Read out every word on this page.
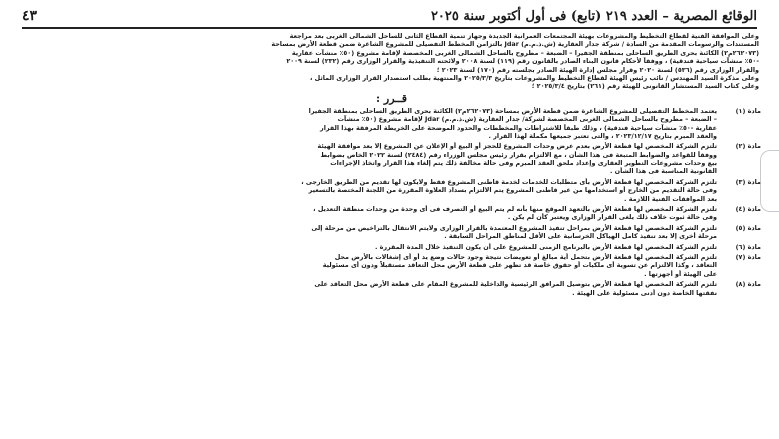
الوقائع المصرية – العدد ٢١٩ (تابع) فى أول أكتوبر سنة ٢٠٢٥
٤٣
وعلى الموافقة الفنية لقطاع التخطيط والمشروعات بهيئة المجتمعات العمرانية الجديدة وجهاز تنمية القطاع الثانى للساحل الشمالى الغربى بعد مراجعة
المستندات والرسومات المقدمة من السادة / شركة جدار العقارية (ش.ذ.م.م) Jdar بالتزامن المخطط التفصيلى للمشروع الشاغرة ضمن قطعة الأرض بمساحة
(٢٦٢٠٧٣م٢) الكائنة بحرى الطريق الساحلى بمنطقة الجفيرا – الضبعة – مطروح بالساحل الشمالى الغربى المخصصة لإقامة مشروع (٥٠٪ منشآت عقارية
-٥٠٪ منشآت سياحية فندقية) ، ووفقاً لأحكام قانون البناء الصادر بالقانون رقم (١١٩) لسنة ٢٠٠٨ ولائحته التنفيذية والقرار الوزارى رقم (٢٣٢) لسنة ٢٠٠٩
والقرار الوزارى رقم (٥٣٦) لسنة ٢٠٢٠ وقرار مجلس إدارة الهيئة الصادر بجلسته رقم (١٧٠) لسنة ٢٠٢٣ ؛
وعلى مذكرة السيد المهندس / نائب رئيس الهيئة لقطاع التخطيط والمشروعات بتاريخ ٢٠٢٥/٣/٣ والمنتهية بطلب استصدار القرار الوزارى الماثل ،
وعلى كتاب السيد المستشار القانونى للهيئة رقم (٢٦١) بتاريخ ٢٠٢٥/٣/٤ ؛
قــرر :
مادة (١)
يعتمد المخطط التفصيلى للمشروع الشاغرة ضمن قطعة الأرض بمساحة (٢٦٢٠٧٣م٢) الكائنة بحرى الطريق الساحلى بمنطقة الجفيرا
– الضبعة – مطروح بالساحل الشمالى الغربى المخصصة لشركة/ جدار العقارية (ش.ذ.م.م) Jdar لإقامة مشروع (٥٠٪ منشآت
عقارية -٥٠٪ منشآت سياحية فندقية) ، وذلك طبقاً للاشتراطات والمخططات والحدود الموضحة على الخريطة المرفقة بهذا القرار
والعقد المبرم بتاريخ ٢٠٢٣/١٢/١٧ ، والتى تعتبر جميعها مكملة لهذا القرار .
مادة (٢)
تلتزم الشركة المخصص لها قطعة الأرض بعدم عرض وحدات المشروع للحجز أو البيع أو الإعلان عن المشروع إلا بعد موافقة الهيئة
ووفقاً للقواعد والضوابط المتبعة فى هذا الشأن ، مع الالتزام بقرار رئيس مجلس الوزراء رقم (٢٤٨٤) لسنة ٢٠٢٢ الخاص بضوابط
بيع وحدات مشروعات التطوير العقارى وإعداد ملحق العقد المبرم وفى حالة مخالفة ذلك يتم إلغاء هذا القرار واتخاذ الإجراءات
القانونية المناسبة فى هذا الشأن .
مادة (٣)
تلتزم الشركة المخصص لها قطعة الأرض بأى متطلبات للخدمات لخدمة قاطنى المشروع فقط ولايكون لها تقديم من الطريق الخارجى ،
وفى حالة التقديم من الخارج أو استخدامها من غير قاطنى المشروع يتم الالتزام بسداد العلاوة المقررة من اللجنة المختصة بالتسعير
بعد الموافقات الفنية اللازمة .
مادة (٤)
تلتزم الشركة المخصص لها قطعة الأرض بالتعهد الموقع منها بأنه لم يتم البيع أو التصرف فى أى وحدة من وحدات منطقة التعديل ،
وفى حالة ثبوت خلاف ذلك يلغى القرار الوزارى ويعتبر كأن لم يكن .
مادة (٥)
تلتزم الشركة المخصص لها قطعة الأرض بمراحل تنفيذ المشروع المعتمدة بالقرار الوزارى ولايتم الانتقال بالتراخيص من مرحلة إلى
مرحلة أخرى إلا بعد تنفيذ كامل الهياكل الخرسانية على الأقل لمناطق المراحل السابقة .
مادة (٦)
تلتزم الشركة المخصص لها قطعة الأرض بالبرنامج الزمنى للمشروع على أن يكون التنفيذ خلال المدة المقررة .
مادة (٧)
تلتزم الشركة المخصص لها قطعة الأرض بتحمل أية مبالغ أو تعويضات نتيجة وجود حالات وضع يد أو أى إشغالات بالأرض محل
التعاقد ، وكذا الالتزام عن تسوية أى ملكيات أو حقوق خاصة قد تظهر على قطعة الأرض محل التعاقد مستقبلاً ودون أى مسئولية
على الهيئة أو أجهزتها .
مادة (٨)
تلتزم الشركة المخصص لها قطعة الأرض بتوصيل المرافق الرئيسية والداخلية للمشروع المقام على قطعة الأرض محل التعاقد على
نفقتها الخاصة دون أدنى مسئولية على الهيئة .
